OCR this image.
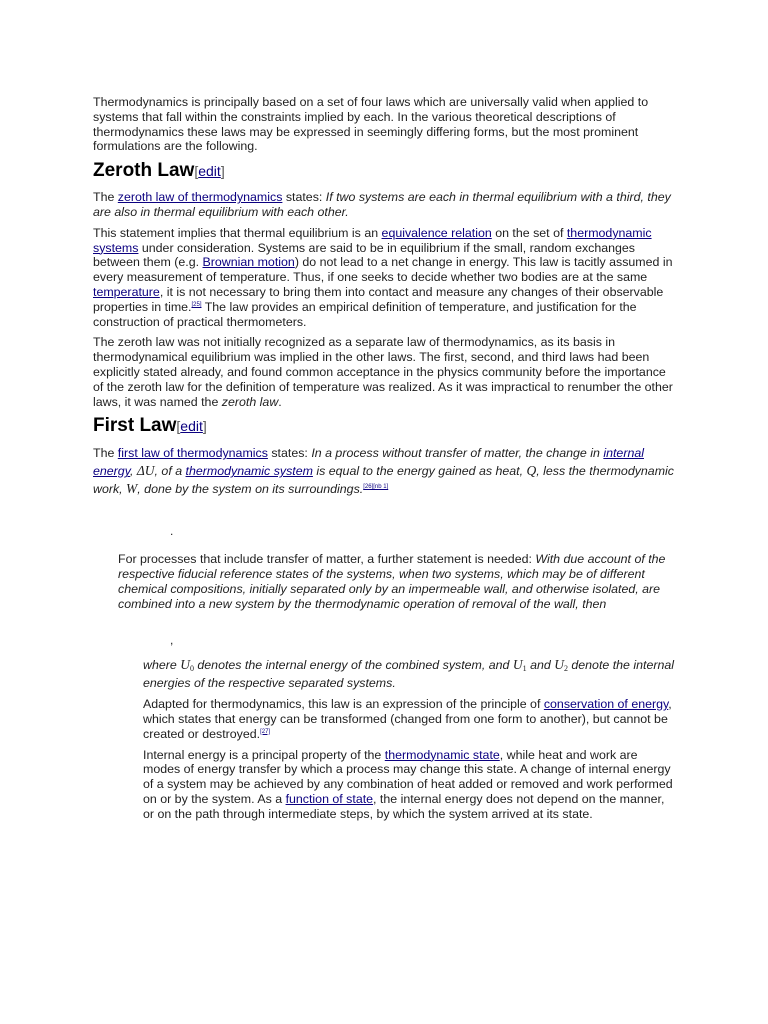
Thermodynamics is principally based on a set of four laws which are universally valid when applied to systems that fall within the constraints implied by each. In the various theoretical descriptions of thermodynamics these laws may be expressed in seemingly differing forms, but the most prominent formulations are the following.

Zeroth Law[edit]

The zeroth law of thermodynamics states: If two systems are each in thermal equilibrium with a third, they are also in thermal equilibrium with each other.

This statement implies that thermal equilibrium is an equivalence relation on the set of thermodynamic systems under consideration. Systems are said to be in equilibrium if the small, random exchanges between them (e.g. Brownian motion) do not lead to a net change in energy. This law is tacitly assumed in every measurement of temperature. Thus, if one seeks to decide whether two bodies are at the same temperature, it is not necessary to bring them into contact and measure any changes of their observable properties in time.[25] The law provides an empirical definition of temperature, and justification for the construction of practical thermometers.

The zeroth law was not initially recognized as a separate law of thermodynamics, as its basis in thermodynamical equilibrium was implied in the other laws. The first, second, and third laws had been explicitly stated already, and found common acceptance in the physics community before the importance of the zeroth law for the definition of temperature was realized. As it was impractical to renumber the other laws, it was named the zeroth law.

First Law[edit]

The first law of thermodynamics states: In a process without transfer of matter, the change in internal energy, ΔU, of a thermodynamic system is equal to the energy gained as heat, Q, less the thermodynamic work, W, done by the system on its surroundings.[26][nb 1]

.

For processes that include transfer of matter, a further statement is needed: With due account of the respective fiducial reference states of the systems, when two systems, which may be of different chemical compositions, initially separated only by an impermeable wall, and otherwise isolated, are combined into a new system by the thermodynamic operation of removal of the wall, then

,

where $U_0$ denotes the internal energy of the combined system, and $U_1$ and $U_2$ denote the internal energies of the respective separated systems.

Adapted for thermodynamics, this law is an expression of the principle of conservation of energy, which states that energy can be transformed (changed from one form to another), but cannot be created or destroyed.[27]

Internal energy is a principal property of the thermodynamic state, while heat and work are modes of energy transfer by which a process may change this state. A change of internal energy of a system may be achieved by any combination of heat added or removed and work performed on or by the system. As a function of state, the internal energy does not depend on the manner, or on the path through intermediate steps, by which the system arrived at its state.
